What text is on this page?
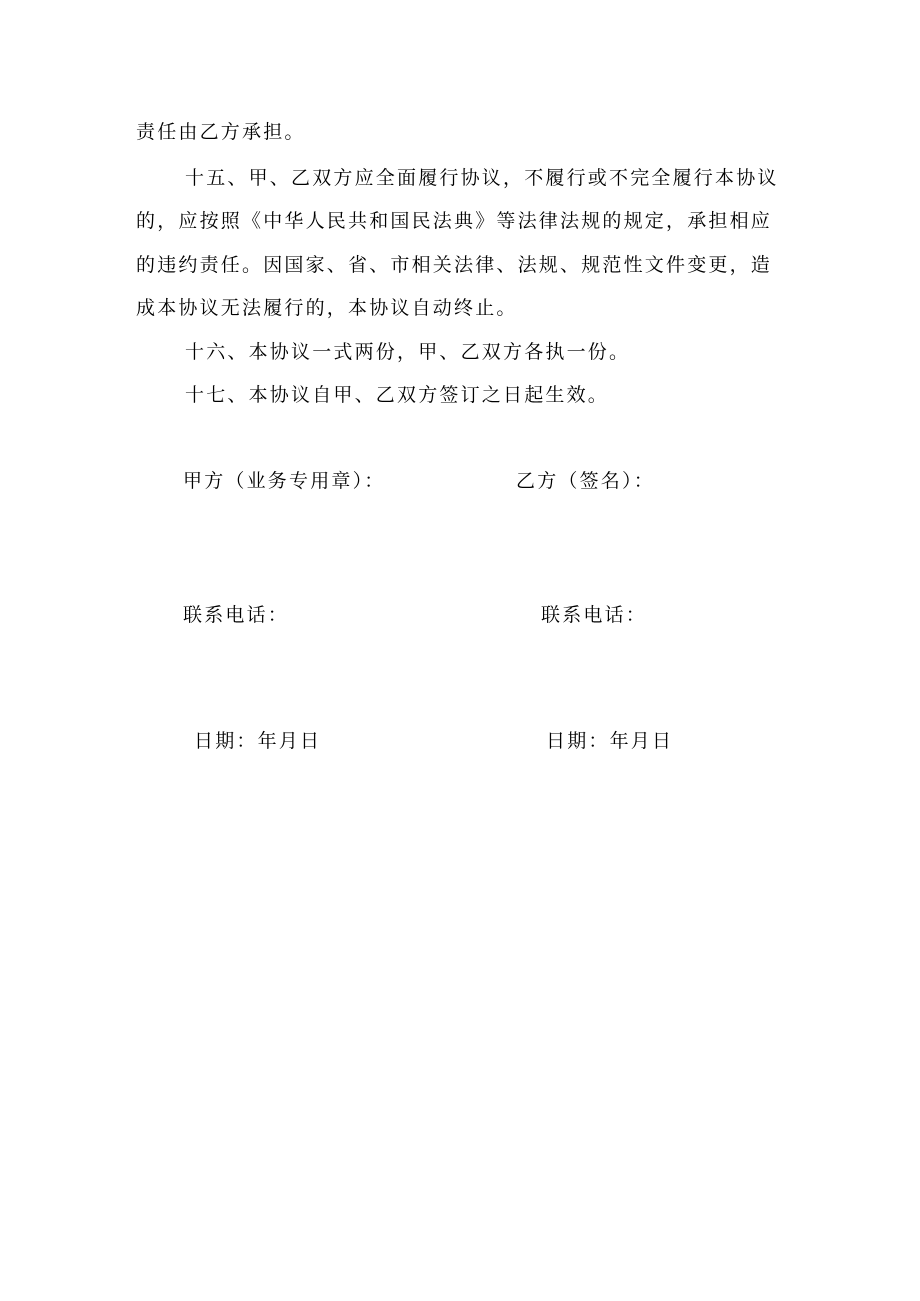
责任由乙方承担。
十五、甲、乙双方应全面履行协议，不履行或不完全履行本协议
的，应按照《中华人民共和国民法典》等法律法规的规定，承担相应
的违约责任。因国家、省、市相关法律、法规、规范性文件变更，造
成本协议无法履行的，本协议自动终止。
十六、本协议一式两份，甲、乙双方各执一份。
十七、本协议自甲、乙双方签订之日起生效。
甲方（业务专用章）：	乙方（签名）：
联系电话：	联系电话：
日期：年月日	日期：年月日
